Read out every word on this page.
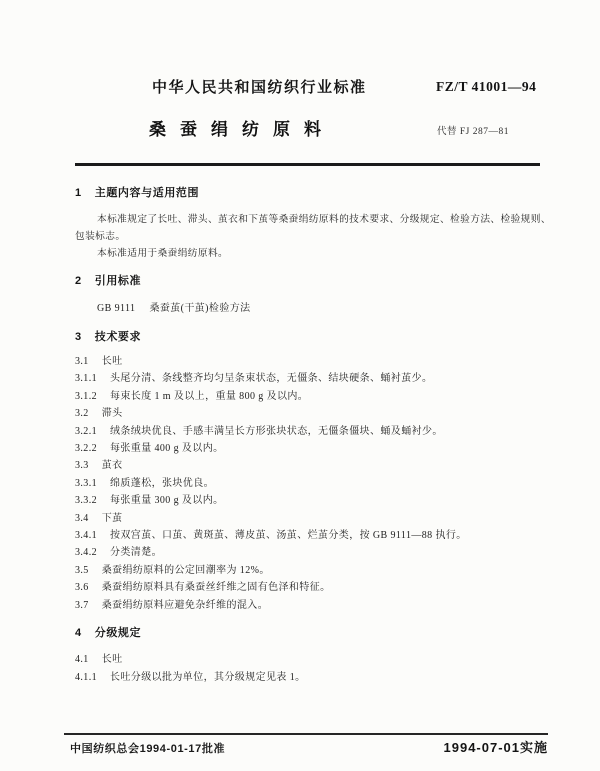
中华人民共和国纺织行业标准	FZ/T 41001—94
桑蚕绢纺原料	代替 FJ 287—81
1 主题内容与适用范围

本标准规定了长吐、滞头、茧衣和下茧等桑蚕绢纺原料的技术要求、分级规定、检验方法、检验规则、
包装标志。
本标准适用于桑蚕绢纺原料。

2 引用标准
GB 9111 桑蚕茧(干茧)检验方法
3 技术要求
3.1 长吐
3.1.1 头尾分清、条线整齐均匀呈条束状态，无僵条、结块硬条、蛹衬茧少。
3.1.2 每束长度 1 m 及以上，重量 800 g 及以内。
3.2 滞头
3.2.1 绒条绒块优良、手感丰满呈长方形张块状态，无僵条僵块、蛹及蛹衬少。
3.2.2 每张重量 400 g 及以内。
3.3 茧衣
3.3.1 绵质蓬松，张块优良。
3.3.2 每张重量 300 g 及以内。
3.4 下茧
3.4.1 按双宫茧、口茧、黄斑茧、薄皮茧、汤茧、烂茧分类，按 GB 9111—88 执行。
3.4.2 分类清楚。
3.5 桑蚕绢纺原料的公定回潮率为 12%。
3.6 桑蚕绢纺原料具有桑蚕丝纤维之固有色泽和特征。
3.7 桑蚕绢纺原料应避免杂纤维的混入。
4 分级规定
4.1 长吐
4.1.1 长吐分级以批为单位，其分级规定见表 1。
中国纺织总会1994-01-17批准	1994-07-01实施
